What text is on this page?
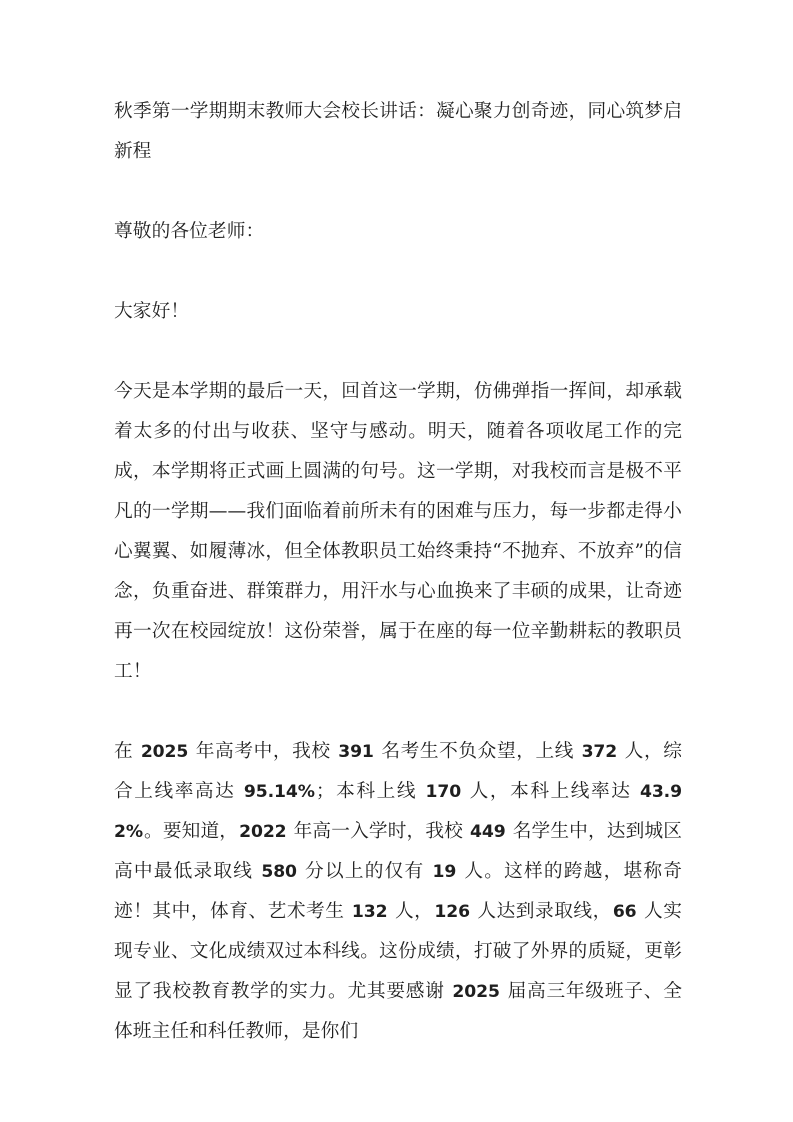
秋季第一学期期末教师大会校长讲话：凝心聚力创奇迹，同心筑梦启新程

尊敬的各位老师：

大家好！

今天是本学期的最后一天，回首这一学期，仿佛弹指一挥间，却承载着太多的付出与收获、坚守与感动。明天，随着各项收尾工作的完成，本学期将正式画上圆满的句号。这一学期，对我校而言是极不平凡的一学期——我们面临着前所未有的困难与压力，每一步都走得小心翼翼、如履薄冰，但全体教职员工始终秉持“不抛弃、不放弃”的信念，负重奋进、群策群力，用汗水与心血换来了丰硕的成果，让奇迹再一次在校园绽放！这份荣誉，属于在座的每一位辛勤耕耘的教职员工！

在 2025 年高考中，我校 391 名考生不负众望，上线 372 人，综合上线率高达 95.14%；本科上线 170 人，本科上线率达 43.92%。要知道，2022 年高一入学时，我校 449 名学生中，达到城区高中最低录取线 580 分以上的仅有 19 人。这样的跨越，堪称奇迹！其中，体育、艺术考生 132 人，126 人达到录取线，66 人实现专业、文化成绩双过本科线。这份成绩，打破了外界的质疑，更彰显了我校教育教学的实力。尤其要感谢 2025 届高三年级班子、全体班主任和科任教师，是你们
